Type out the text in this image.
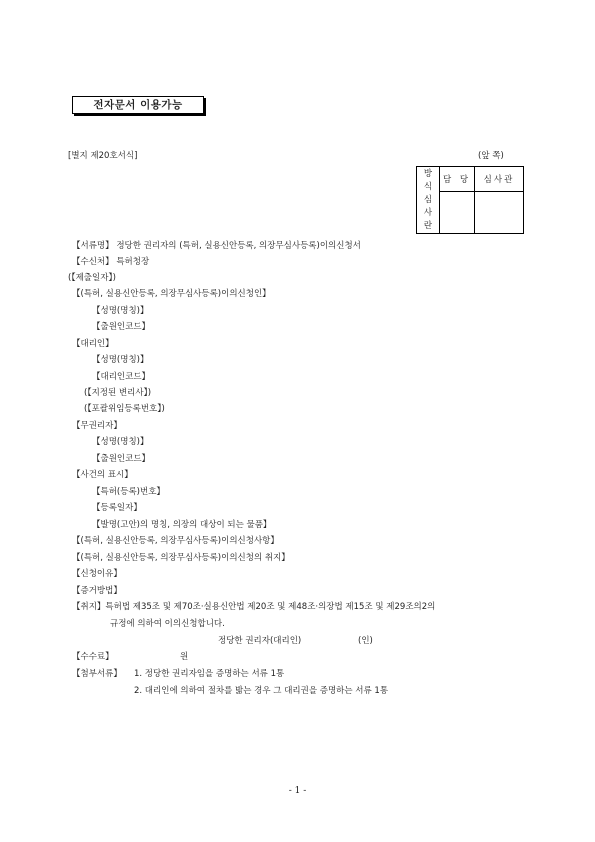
전자문서 이용가능
[별지 제20호서식]	(앞 쪽)
방
식
심
사
란	담 당	심사관

【서류명】 정당한 권리자의 (특허, 실용신안등록, 의장무심사등록)이의신청서
【수신처】 특허청장
(【제출일자】)
【(특허, 실용신안등록, 의장무심사등록)이의신청인】
【성명(명칭)】
【출원인코드】
【대리인】
【성명(명칭)】
【대리인코드】
(【지정된 변리사】)
(【포괄위임등록번호】)
【무권리자】
【성명(명칭)】
【출원인코드】
【사건의 표시】
【특허(등록)번호】
【등록일자】
【발명(고안)의 명칭, 의장의 대상이 되는 물품】
【(특허, 실용신안등록, 의장무심사등록)이의신청사항】
【(특허, 실용신안등록, 의장무심사등록)이의신청의 취지】
【신청이유】
【증거방법】
【취지】특허법 제35조 및 제70조·실용신안법 제20조 및 제48조·의장법 제15조 및 제29조의2의
규정에 의하여 이의신청합니다.
정당한 권리자(대리인)	(인)
【수수료】	원
【첨부서류】 1. 정당한 권리자임을 증명하는 서류 1통
2. 대리인에 의하여 절차를 밟는 경우 그 대리권을 증명하는 서류 1통
- 1 -
